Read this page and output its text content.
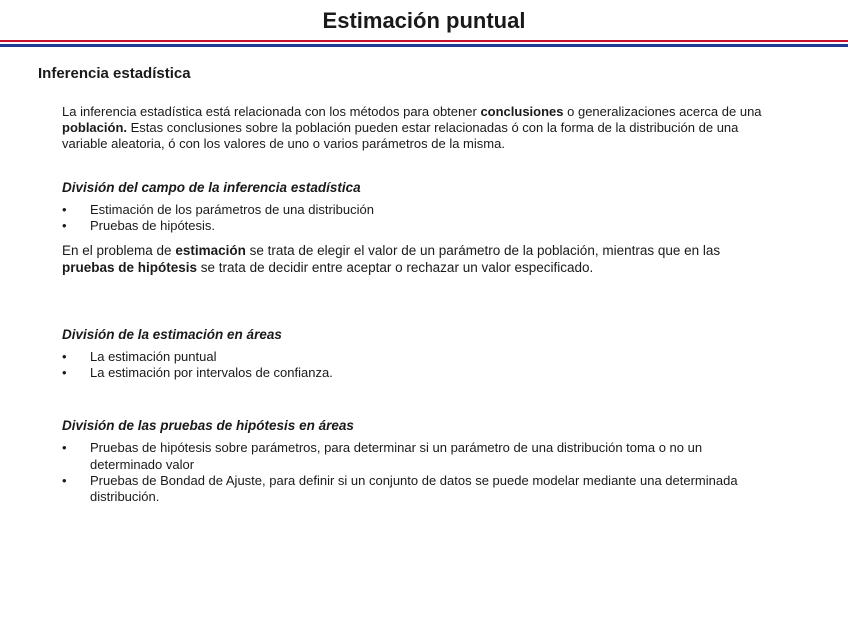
Estimación puntual
Inferencia estadística

La inferencia estadística está relacionada con los métodos para obtener conclusiones o generalizaciones acerca de una población. Estas conclusiones sobre la población pueden estar relacionadas ó con la forma de la distribución de una variable aleatoria, ó con los valores de uno o varios parámetros de la misma.

División del campo de la inferencia estadística

• Estimación de los parámetros de una distribución
• Pruebas de hipótesis.

En el problema de estimación se trata de elegir el valor de un parámetro de la población, mientras que en las pruebas de hipótesis se trata de decidir entre aceptar o rechazar un valor especificado.

División de la estimación en áreas

• La estimación puntual
• La estimación por intervalos de confianza.

División de las pruebas de hipótesis en áreas

• Pruebas de hipótesis sobre parámetros, para determinar si un parámetro de una distribución toma o no un determinado valor
• Pruebas de Bondad de Ajuste, para definir si un conjunto de datos se puede modelar mediante una determinada distribución.
